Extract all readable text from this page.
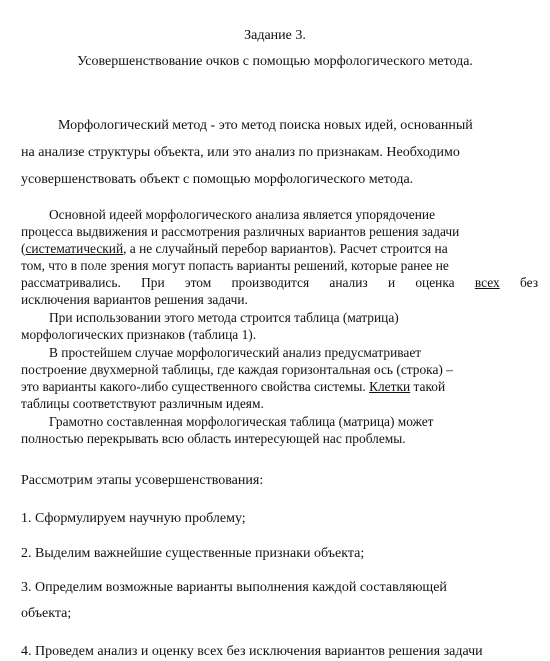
Задание 3.
Усовершенствование очков с помощью морфологического метода.
Морфологический метод - это метод поиска новых идей, основанный
на анализе структуры объекта, или это анализ по признакам. Необходимо
усовершенствовать объект с помощью морфологического метода.
Основной идеей морфологического анализа является упорядочение
процесса выдвижения и рассмотрения различных вариантов решения задачи
(систематический, а не случайный перебор вариантов). Расчет строится на
том, что в поле зрения могут попасть варианты решений, которые ранее не
рассматривались. При этом производится анализ и оценка всех без
исключения вариантов решения задачи.
При использовании этого метода строится таблица (матрица)
морфологических признаков (таблица 1).
В простейшем случае морфологический анализ предусматривает
построение двухмерной таблицы, где каждая горизонтальная ось (строка) –
это варианты какого-либо существенного свойства системы. Клетки такой
таблицы соответствуют различным идеям.
Грамотно составленная морфологическая таблица (матрица) может
полностью перекрывать всю область интересующей нас проблемы.
Рассмотрим этапы усовершенствования:
1. Сформулируем научную проблему;
2. Выделим важнейшие существенные признаки объекта;
3. Определим возможные варианты выполнения каждой составляющей
объекта;
4. Проведем анализ и оценку всех без исключения вариантов решения задачи
